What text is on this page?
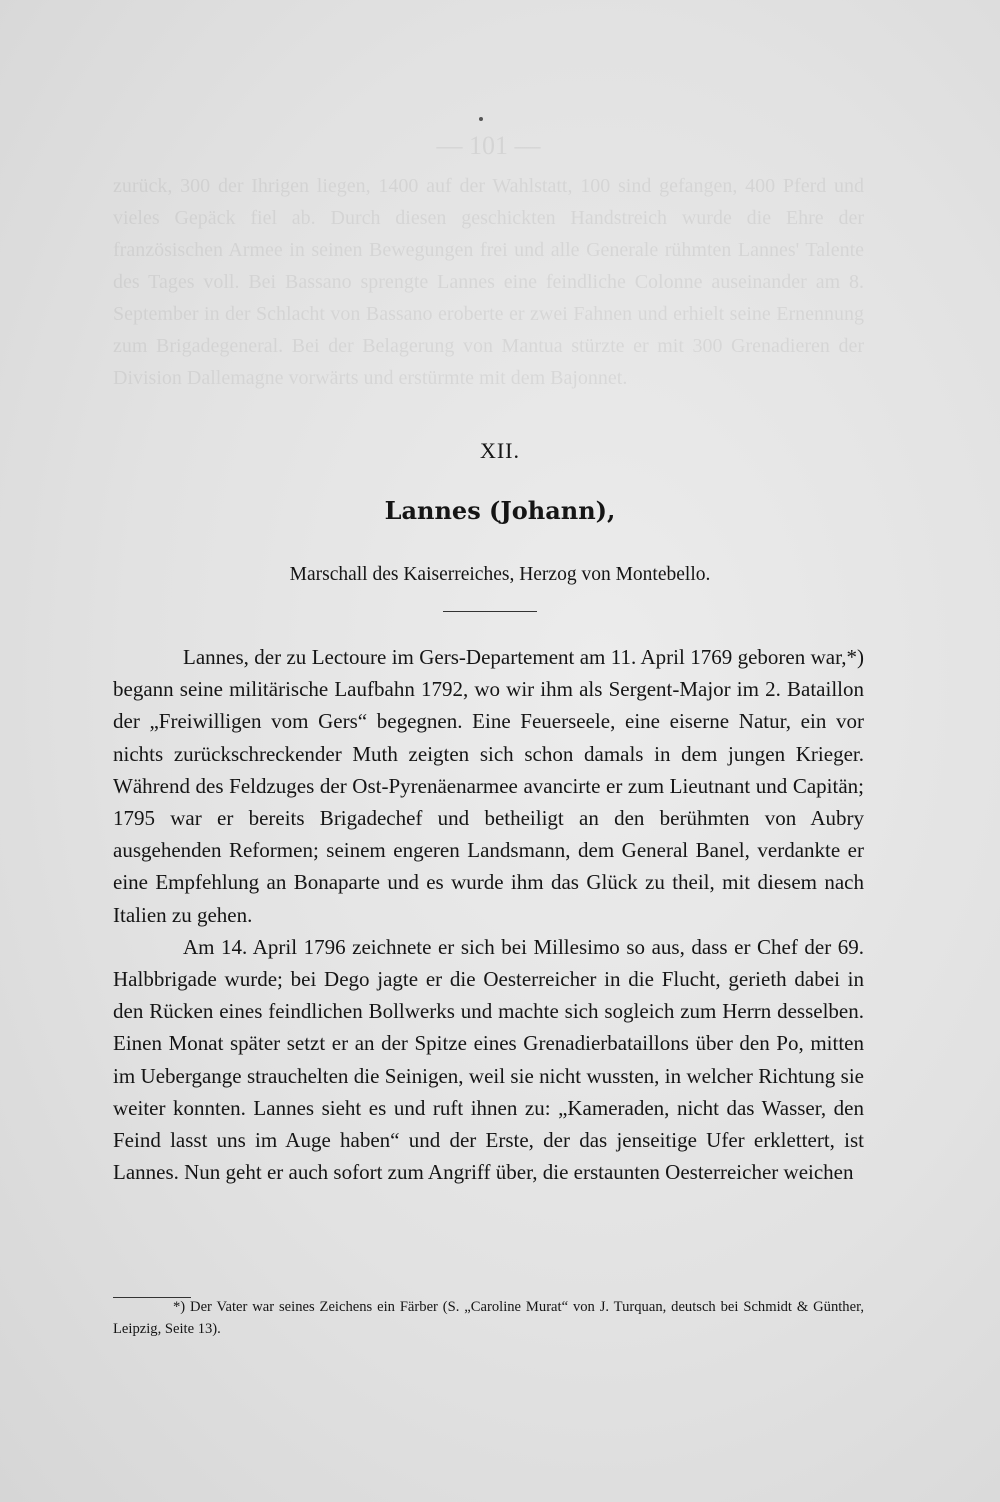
— 101 —
zurück, 300 der Ihrigen liegen, 1400 auf der Wahlstatt, 100 sind gefangen, 400 Pferd und vieles Gepäck fiel ab. Durch diesen geschickten Handstreich wurde die Ehre der französischen Armee in seinen Bewegungen frei und alle Generale rühmten Lannes' Talente des Tages voll. Bei Bassano sprengte Lannes eine feindliche Colonne auseinander am 8. September in der Schlacht von Bassano eroberte er zwei Fahnen und erhielt seine Ernennung zum Brigadegeneral. Bei der Belagerung von Mantua stürzte er mit 300 Grenadieren der Division Dallemagne vorwärts und erstürmte mit dem Bajonnet.
XII.
Lannes (Johann),
Marschall des Kaiserreiches, Herzog von Montebello.

Lannes, der zu Lectoure im Gers-Departement am 11. April 1769 geboren war,*) begann seine militärische Laufbahn 1792, wo wir ihm als Sergent-Major im 2. Bataillon der „Freiwilligen vom Gers“ begegnen. Eine Feuerseele, eine eiserne Natur, ein vor nichts zurückschreckender Muth zeigten sich schon damals in dem jungen Krieger. Während des Feldzuges der Ost-Pyrenäenarmee avancirte er zum Lieutnant und Capitän; 1795 war er bereits Brigadechef und betheiligt an den berühmten von Aubry ausgehenden Reformen; seinem engeren Landsmann, dem General Banel, verdankte er eine Empfehlung an Bonaparte und es wurde ihm das Glück zu theil, mit diesem nach Italien zu gehen.

Am 14. April 1796 zeichnete er sich bei Millesimo so aus, dass er Chef der 69. Halbbrigade wurde; bei Dego jagte er die Oesterreicher in die Flucht, gerieth dabei in den Rücken eines feindlichen Bollwerks und machte sich sogleich zum Herrn desselben. Einen Monat später setzt er an der Spitze eines Grenadierbataillons über den Po, mitten im Uebergange strauchelten die Seinigen, weil sie nicht wussten, in welcher Richtung sie weiter konnten. Lannes sieht es und ruft ihnen zu: „Kameraden, nicht das Wasser, den Feind lasst uns im Auge haben“ und der Erste, der das jenseitige Ufer erklettert, ist Lannes. Nun geht er auch sofort zum Angriff über, die erstaunten Oesterreicher weichen

*) Der Vater war seines Zeichens ein Färber (S. „Caroline Murat“ von J. Turquan, deutsch bei Schmidt & Günther, Leipzig, Seite 13).
